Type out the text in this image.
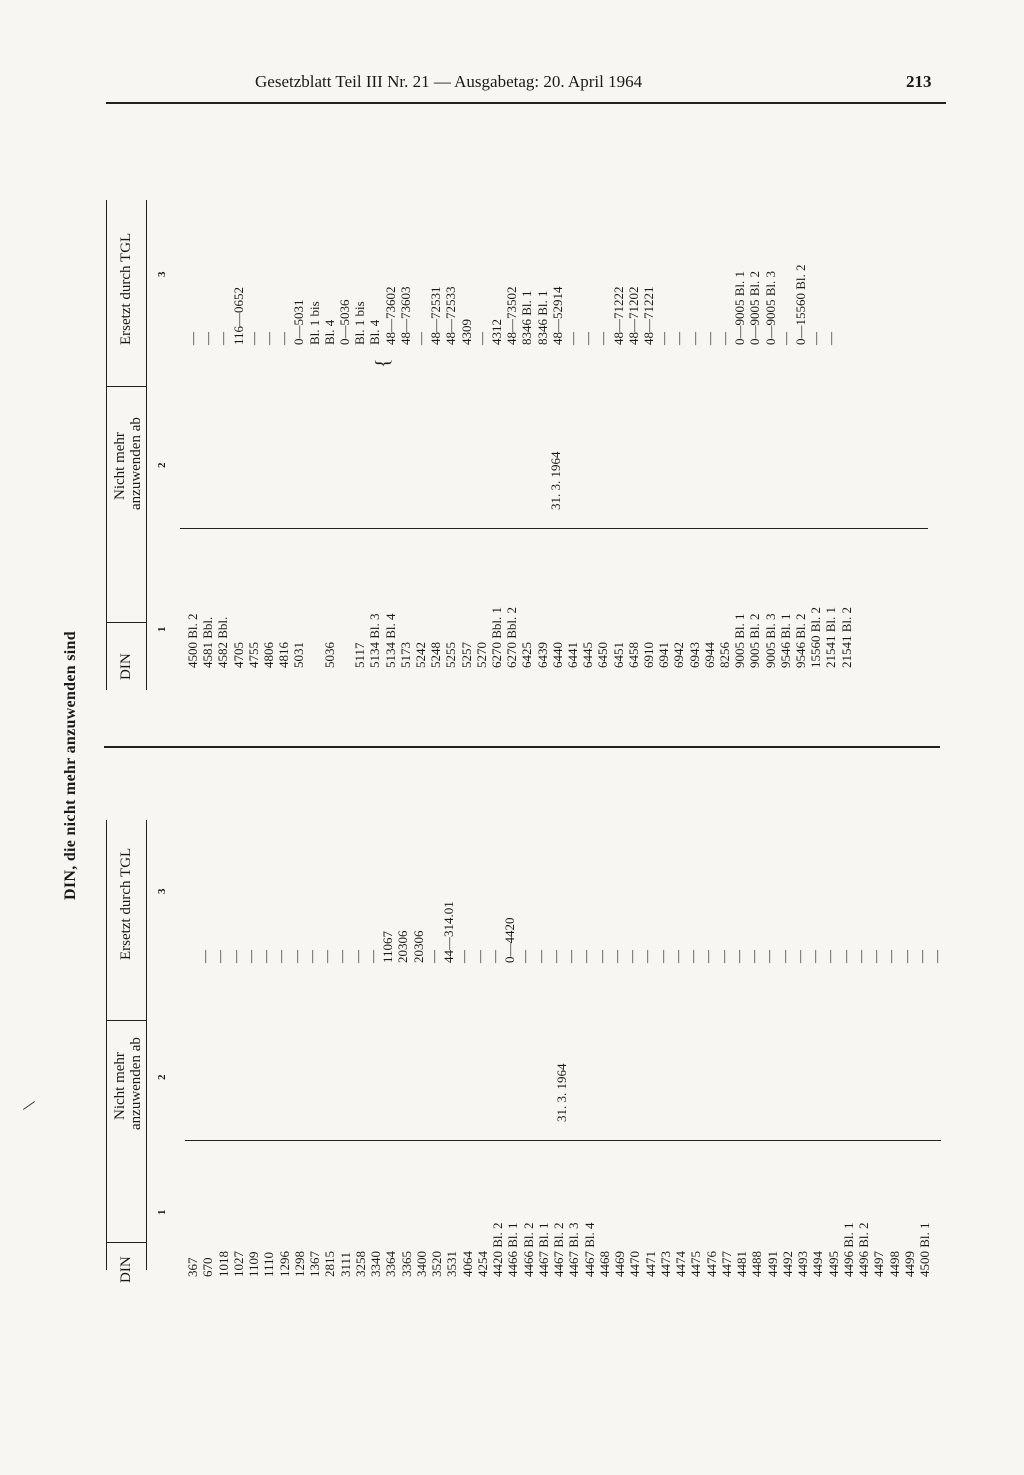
Gesetzblatt Teil III Nr. 21 — Ausgabetag: 20. April 1964	213
DIN, die nicht mehr anzuwenden sind
DIN
Nicht mehr anzuwenden ab
Ersetzt durch TGL
1
2
3
31. 3. 1964
367 670 1018 1027 1109 1110 1296 1298 1367 2815 3111 3258 3340 3364 3365 3400 3520 3531 4064 4254 4420 Bl. 2 4466 Bl. 1 4466 Bl. 2 4467 Bl. 1 4467 Bl. 2 4467 Bl. 3 4467 Bl. 4 4468 4469 4470 4471 4473 4474 4475 4476 4477 4481 4488 4491 4492 4493 4494 4495 4496 Bl. 1 4496 Bl. 2 4497 4498 4499 4500 Bl. 1
— — — — — — — — — — — — 11067 20306 20306 — 44—314.01 — — — 0—4420 — — — — — — — — — — — — — — — — — — — — — — — — — — — —
DIN
Nicht mehr anzuwenden ab
Ersetzt durch TGL
1
2
3
31. 3. 1964
4500 Bl. 2 4581 Bbl. 4582 Bbl. 4705 4755 4806 4816 5031 5036 5117 5134 Bl. 3 5134 Bl. 4 5173 5242 5248 5255 5257 5270 6270 Bbl. 1 6270 Bbl. 2 6425 6439 6440 6441 6445 6450 6451 6458 6910 6941 6942 6943 6944 8256 9005 Bl. 1 9005 Bl. 2 9005 Bl. 3 9546 Bl. 1 9546 Bl. 2 15560 Bl. 2 21541 Bl. 1 21541 Bl. 2
— — — 116—0652 — — — 0—5031 Bl. 1 bis Bl. 4 0—5036 Bl. 1 bis Bl. 4 48—73602 48—73603 — 48—72531 48—72533 4309 — 4312 48—73502 8346 Bl. 1 8346 Bl. 1 48—52914 — — — 48—71222 48—71202 48—71221 — — — — — 0—9005 Bl. 1 0—9005 Bl. 2 0—9005 Bl. 3 — 0—15560 Bl. 2 — —
{
